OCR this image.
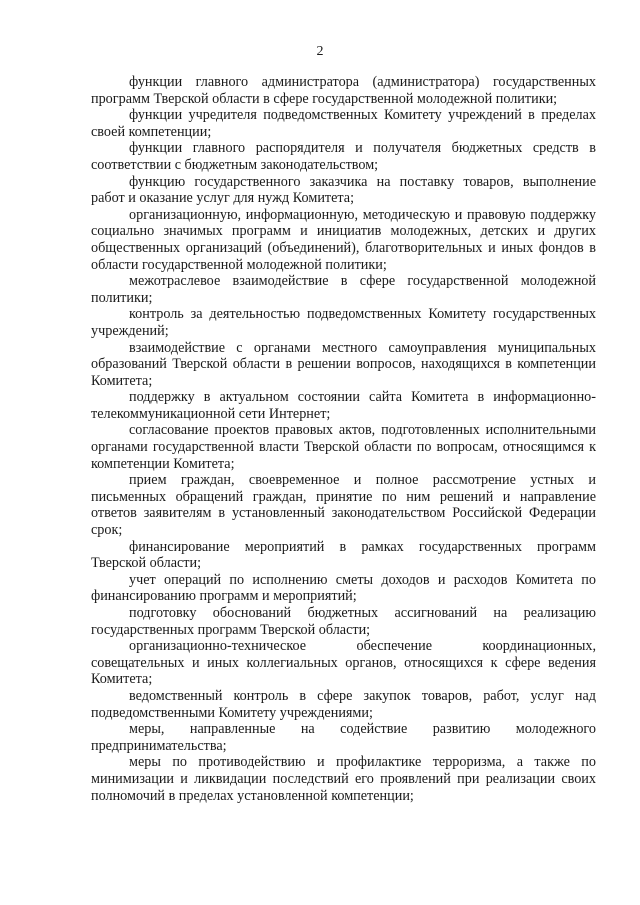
2

функции главного администратора (администратора) государственных программ Тверской области в сфере государственной молодежной политики;

функции учредителя подведомственных Комитету учреждений в пределах своей компетенции;

функции главного распорядителя и получателя бюджетных средств в соответствии с бюджетным законодательством;

функцию государственного заказчика на поставку товаров, выполнение работ и оказание услуг для нужд Комитета;

организационную, информационную, методическую и правовую поддержку социально значимых программ и инициатив молодежных, детских и других общественных организаций (объединений), благотворительных и иных фондов в области государственной молодежной политики;

межотраслевое взаимодействие в сфере государственной молодежной политики;

контроль за деятельностью подведомственных Комитету государственных учреждений;

взаимодействие с органами местного самоуправления муниципальных образований Тверской области в решении вопросов, находящихся в компетенции Комитета;

поддержку в актуальном состоянии сайта Комитета в информационно-телекоммуникационной сети Интернет;

согласование проектов правовых актов, подготовленных исполнительными органами государственной власти Тверской области по вопросам, относящимся к компетенции Комитета;

прием граждан, своевременное и полное рассмотрение устных и письменных обращений граждан, принятие по ним решений и направление ответов заявителям в установленный законодательством Российской Федерации срок;

финансирование мероприятий в рамках государственных программ Тверской области;

учет операций по исполнению сметы доходов и расходов Комитета по финансированию программ и мероприятий;

подготовку обоснований бюджетных ассигнований на реализацию государственных программ Тверской области;

организационно-техническое обеспечение координационных, совещательных и иных коллегиальных органов, относящихся к сфере ведения Комитета;

ведомственный контроль в сфере закупок товаров, работ, услуг над подведомственными Комитету учреждениями;

меры, направленные на содействие развитию молодежного предпринимательства;

меры по противодействию и профилактике терроризма, а также по минимизации и ликвидации последствий его проявлений при реализации своих полномочий в пределах установленной компетенции;
